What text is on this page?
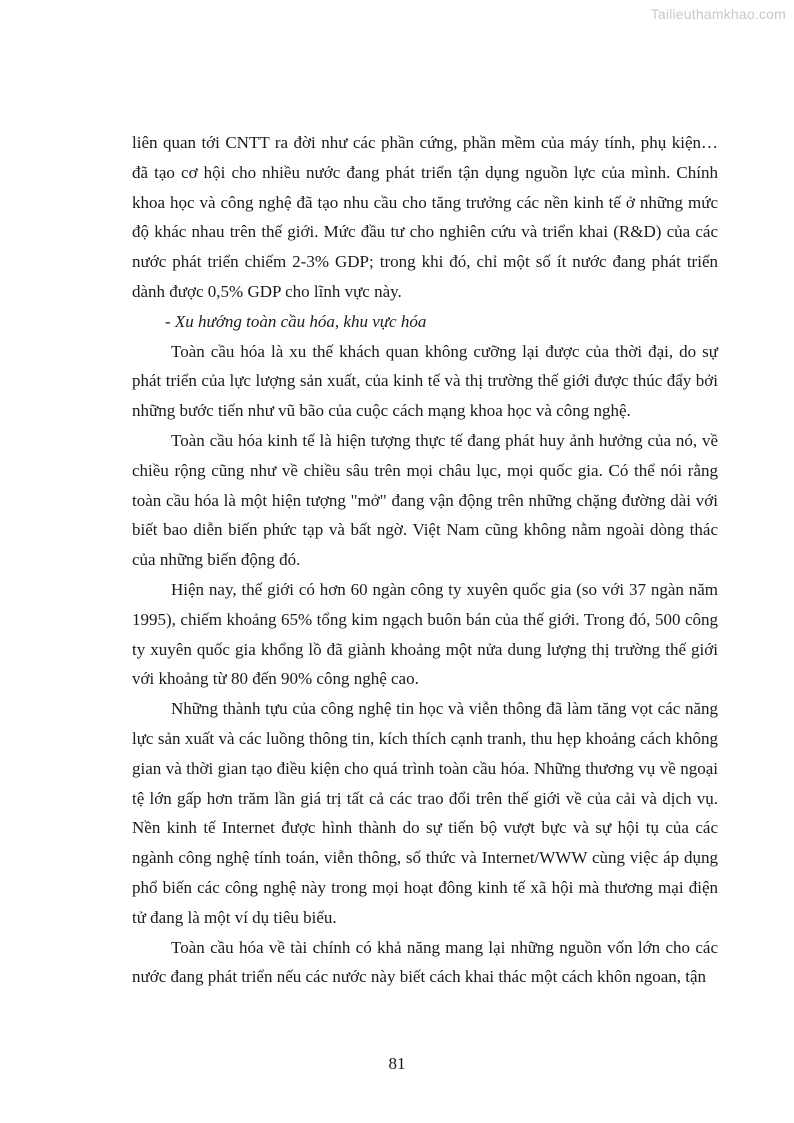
Tailieuthamkhao.com

liên quan tới CNTT ra đời như các phần cứng, phần mềm của máy tính, phụ kiện… đã tạo cơ hội cho nhiều nước đang phát triển tận dụng nguồn lực của mình. Chính khoa học và công nghệ đã tạo nhu cầu cho tăng trưởng các nền kinh tế ở những mức độ khác nhau trên thế giới. Mức đầu tư cho nghiên cứu và triển khai (R&D) của các nước phát triển chiếm 2-3% GDP; trong khi đó, chỉ một số ít nước đang phát triển dành được 0,5% GDP cho lĩnh vực này.

- Xu hướng toàn cầu hóa, khu vực hóa

Toàn cầu hóa là xu thế khách quan không cưỡng lại được của thời đại, do sự phát triển của lực lượng sản xuất, của kinh tế và thị trường thế giới được thúc đẩy bởi những bước tiến như vũ bão của cuộc cách mạng khoa học và công nghệ.

Toàn cầu hóa kinh tế là hiện tượng thực tế đang phát huy ảnh hưởng của nó, về chiều rộng cũng như về chiều sâu trên mọi châu lục, mọi quốc gia. Có thể nói rằng toàn cầu hóa là một hiện tượng "mở" đang vận động trên những chặng đường dài với biết bao diễn biến phức tạp và bất ngờ. Việt Nam cũng không nằm ngoài dòng thác của những biến động đó.

Hiện nay, thế giới có hơn 60 ngàn công ty xuyên quốc gia (so với 37 ngàn năm 1995), chiếm khoảng 65% tổng kim ngạch buôn bán của thế giới. Trong đó, 500 công ty xuyên quốc gia khổng lồ đã giành khoảng một nửa dung lượng thị trường thế giới với khoảng từ 80 đến 90% công nghệ cao.

Những thành tựu của công nghệ tin học và viễn thông đã làm tăng vọt các năng lực sản xuất và các luồng thông tin, kích thích cạnh tranh, thu hẹp khoảng cách không gian và thời gian tạo điều kiện cho quá trình toàn cầu hóa. Những thương vụ về ngoại tệ lớn gấp hơn trăm lần giá trị tất cả các trao đổi trên thế giới về của cải và dịch vụ. Nền kinh tế Internet được hình thành do sự tiến bộ vượt bực và sự hội tụ của các ngành công nghệ tính toán, viễn thông, số thức và Internet/WWW cùng việc áp dụng phổ biến các công nghệ này trong mọi hoạt đông kinh tế xã hội mà thương mại điện tử đang là một ví dụ tiêu biểu.

Toàn cầu hóa về tài chính có khả năng mang lại những nguồn vốn lớn cho các nước đang phát triển nếu các nước này biết cách khai thác một cách khôn ngoan, tận

81
